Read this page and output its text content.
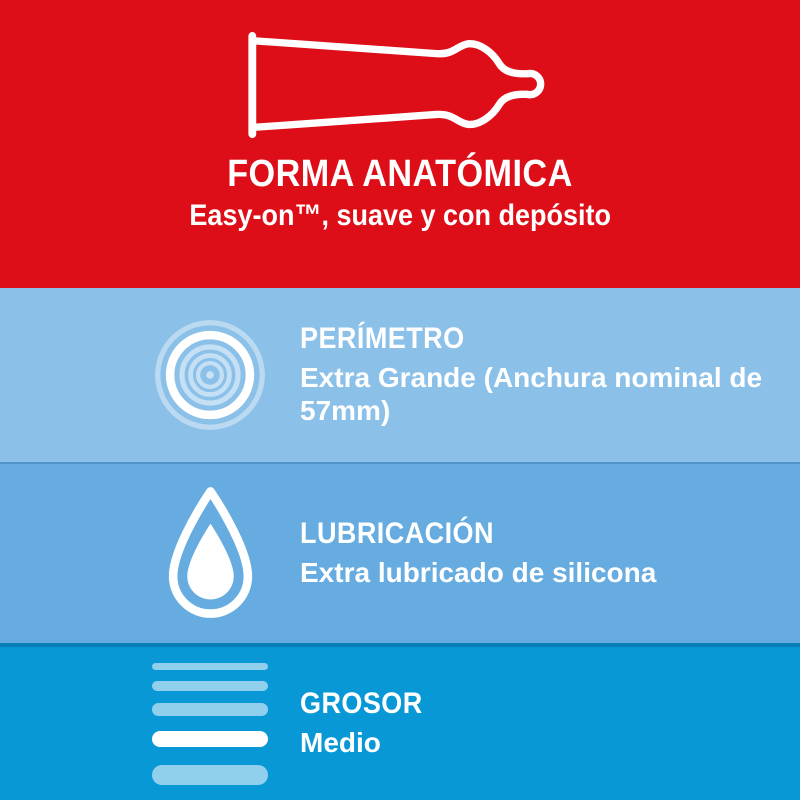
FORMA ANATÓMICA

Easy-on™, suave y con depósito

PERÍMETRO

Extra Grande (Anchura nominal de 57mm)

LUBRICACIÓN

Extra lubricado de silicona

GROSOR

Medio
